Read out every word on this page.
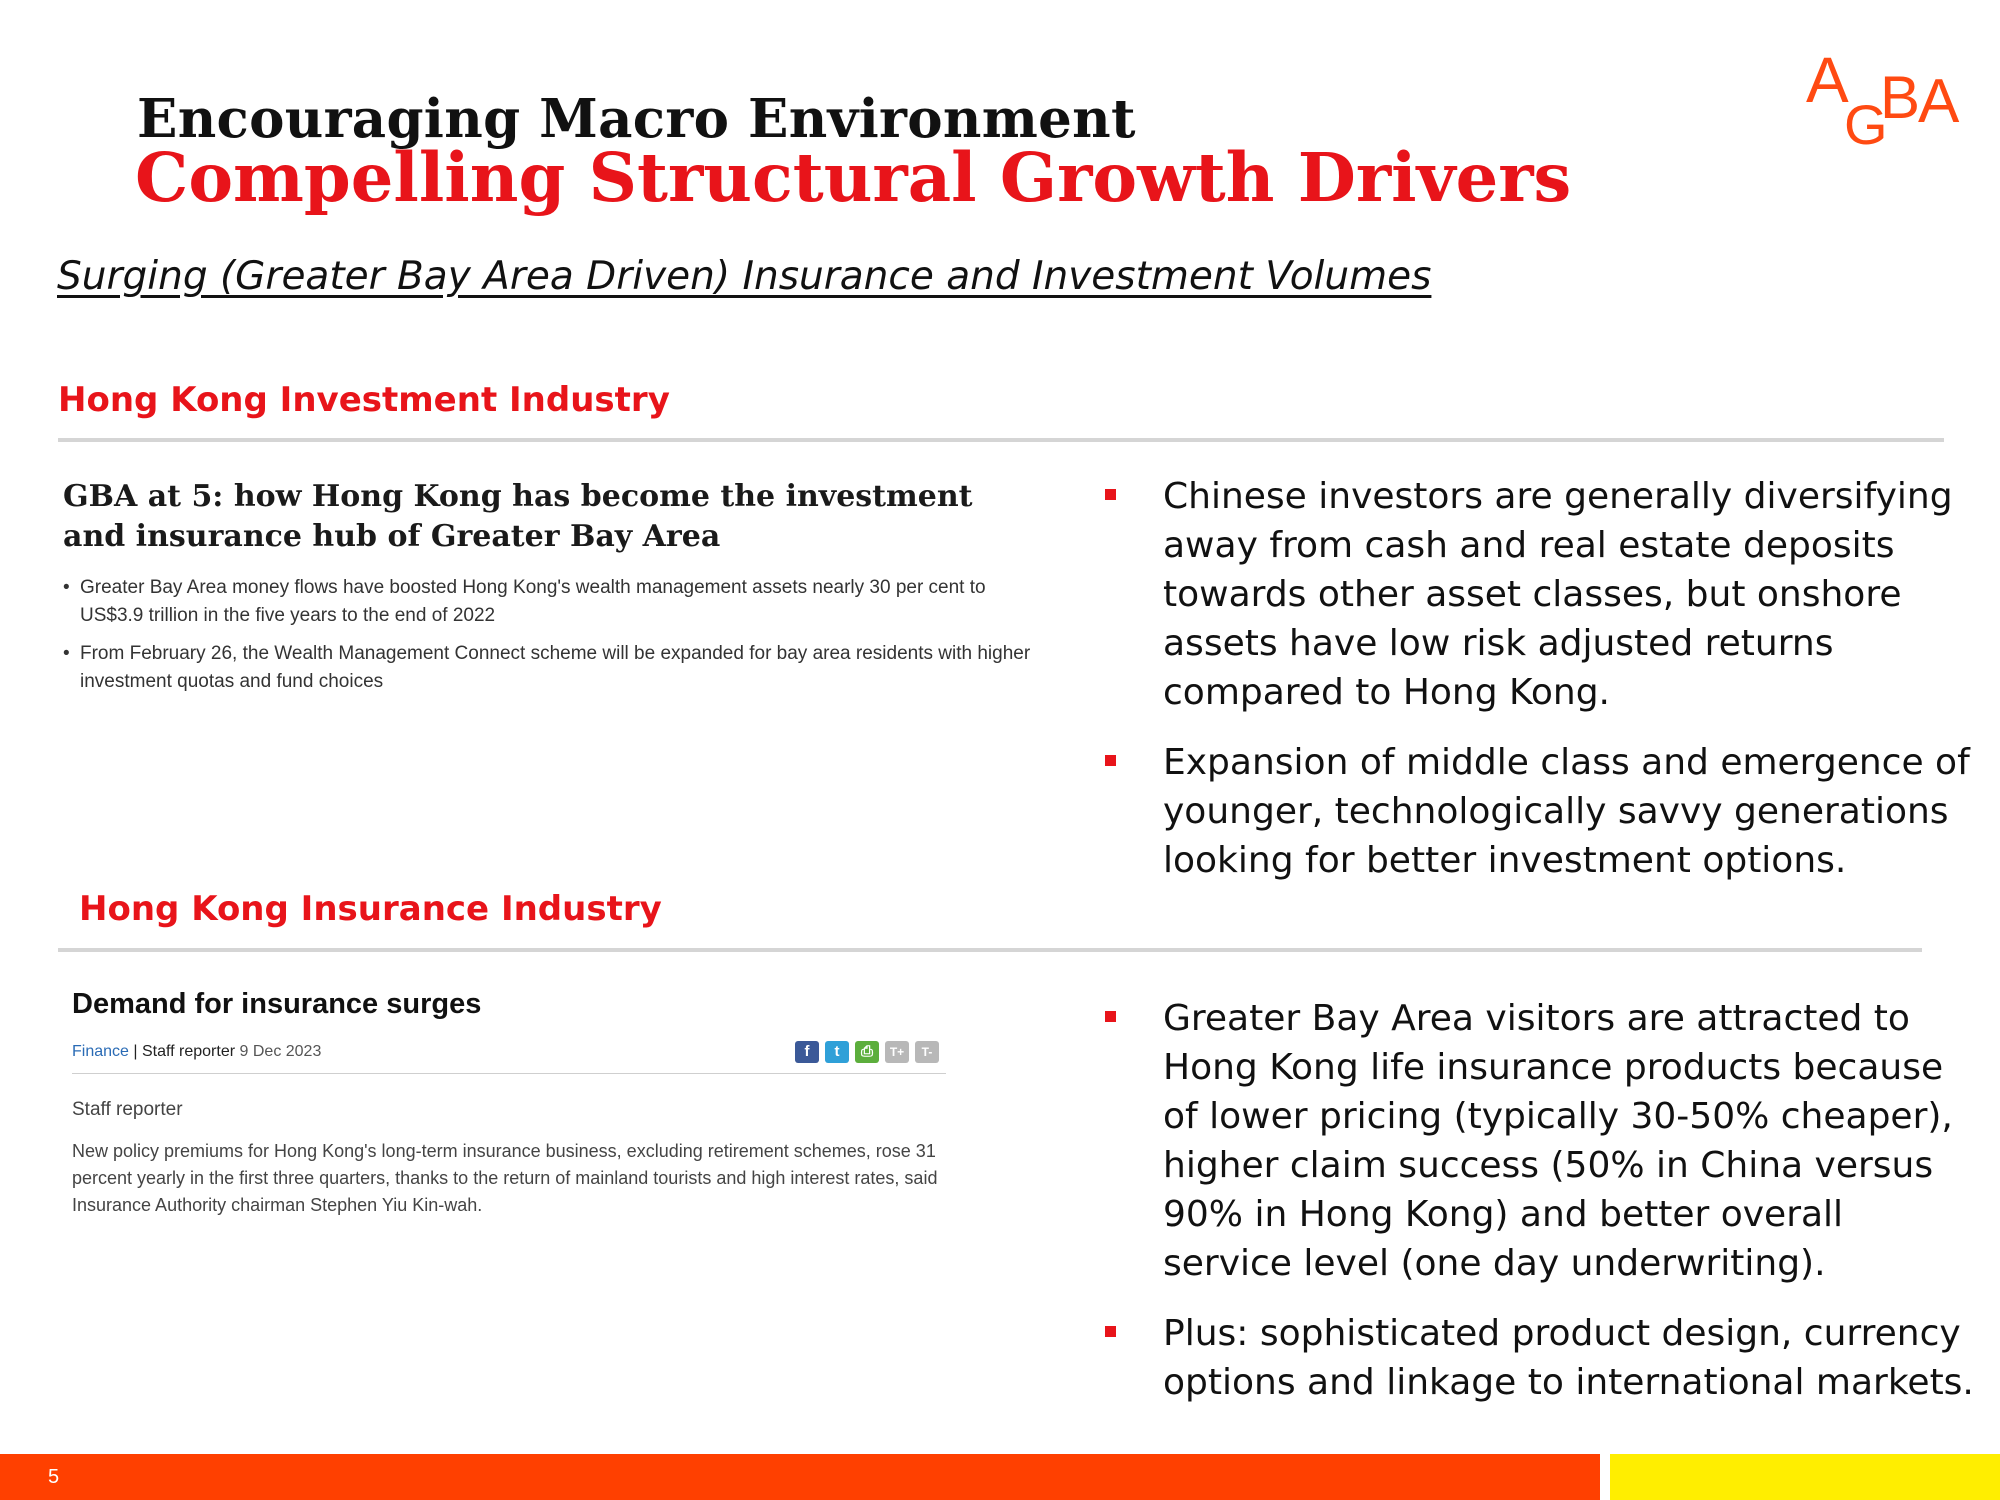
Encouraging Macro Environment
Compelling Structural Growth Drivers
Surging (Greater Bay Area Driven) Insurance and Investment Volumes
A
G
B
A
Hong Kong Investment Industry
GBA at 5: how Hong Kong has become the investment and insurance hub of Greater Bay Area
• Greater Bay Area money flows have boosted Hong Kong's wealth management assets nearly 30 per cent to US$3.9 trillion in the five years to the end of 2022
• From February 26, the Wealth Management Connect scheme will be expanded for bay area residents with higher investment quotas and fund choices
Chinese investors are generally diversifying away from cash and real estate deposits towards other asset classes, but onshore assets have low risk adjusted returns compared to Hong Kong.
Expansion of middle class and emergence of younger, technologically savvy generations looking for better investment options.
Hong Kong Insurance Industry
Demand for insurance surges
Finance | Staff reporter 9 Dec 2023	f	t	⎙	T+	T-
Staff reporter
New policy premiums for Hong Kong's long-term insurance business, excluding retirement schemes, rose 31 percent yearly in the first three quarters, thanks to the return of mainland tourists and high interest rates, said Insurance Authority chairman Stephen Yiu Kin-wah.
Greater Bay Area visitors are attracted to Hong Kong life insurance products because of lower pricing (typically 30-50% cheaper), higher claim success (50% in China versus 90% in Hong Kong) and better overall service level (one day underwriting).
Plus: sophisticated product design, currency options and linkage to international markets.
5
